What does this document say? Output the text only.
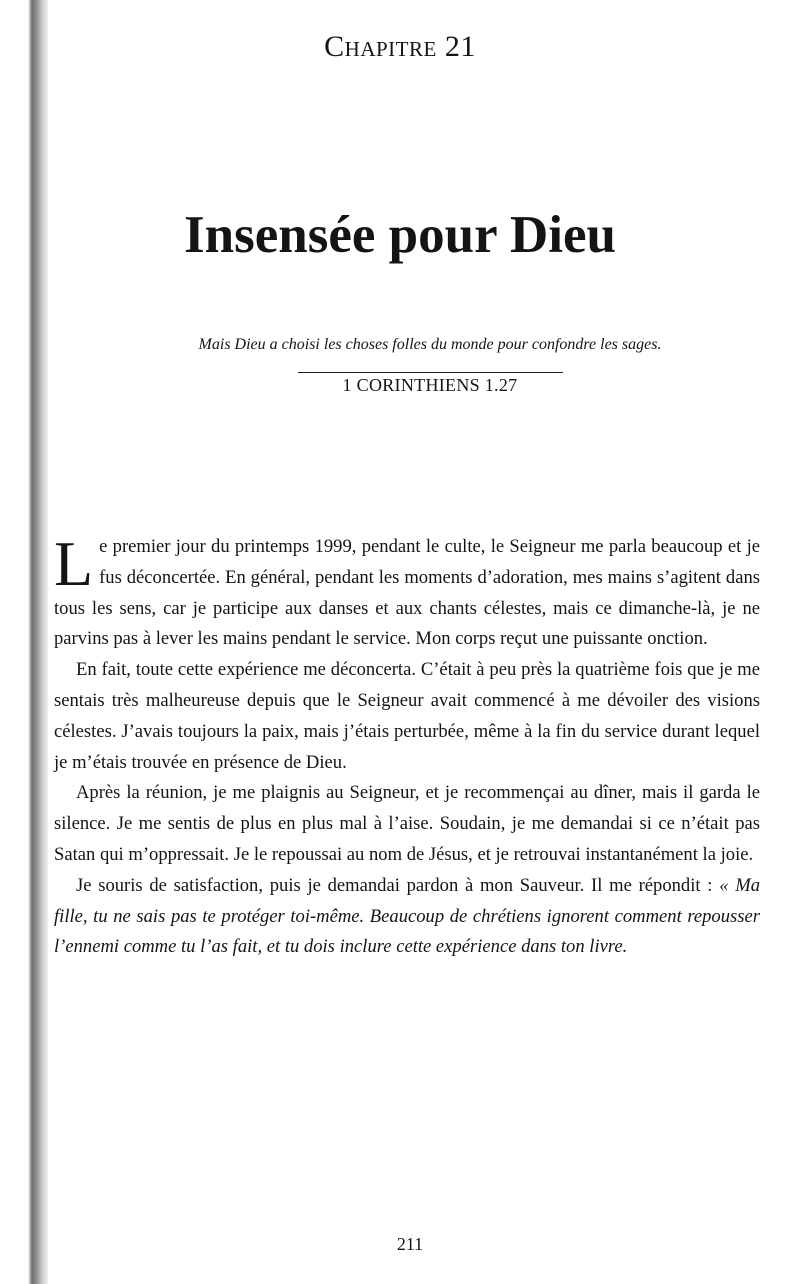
Chapitre 21
Insensée pour Dieu
Mais Dieu a choisi les choses folles du monde pour confondre les sages.
1 CORINTHIENS 1.27

Le premier jour du printemps 1999, pendant le culte, le Seigneur me parla beaucoup et je fus déconcertée. En général, pendant les moments d’adoration, mes mains s’agitent dans tous les sens, car je participe aux danses et aux chants célestes, mais ce dimanche-là, je ne parvins pas à lever les mains pendant le service. Mon corps reçut une puissante onction.

En fait, toute cette expérience me déconcerta. C’était à peu près la quatrième fois que je me sentais très malheureuse depuis que le Seigneur avait commencé à me dévoiler des visions célestes. J’avais toujours la paix, mais j’étais perturbée, même à la fin du service durant lequel je m’étais trouvée en présence de Dieu.

Après la réunion, je me plaignis au Seigneur, et je recommençai au dîner, mais il garda le silence. Je me sentis de plus en plus mal à l’aise. Soudain, je me demandai si ce n’était pas Satan qui m’oppressait. Je le repoussai au nom de Jésus, et je retrouvai instantanément la joie.

Je souris de satisfaction, puis je demandai pardon à mon Sauveur. Il me répondit : « Ma fille, tu ne sais pas te protéger toi-même. Beaucoup de chrétiens ignorent comment repousser l’ennemi comme tu l’as fait, et tu dois inclure cette expérience dans ton livre.

211
